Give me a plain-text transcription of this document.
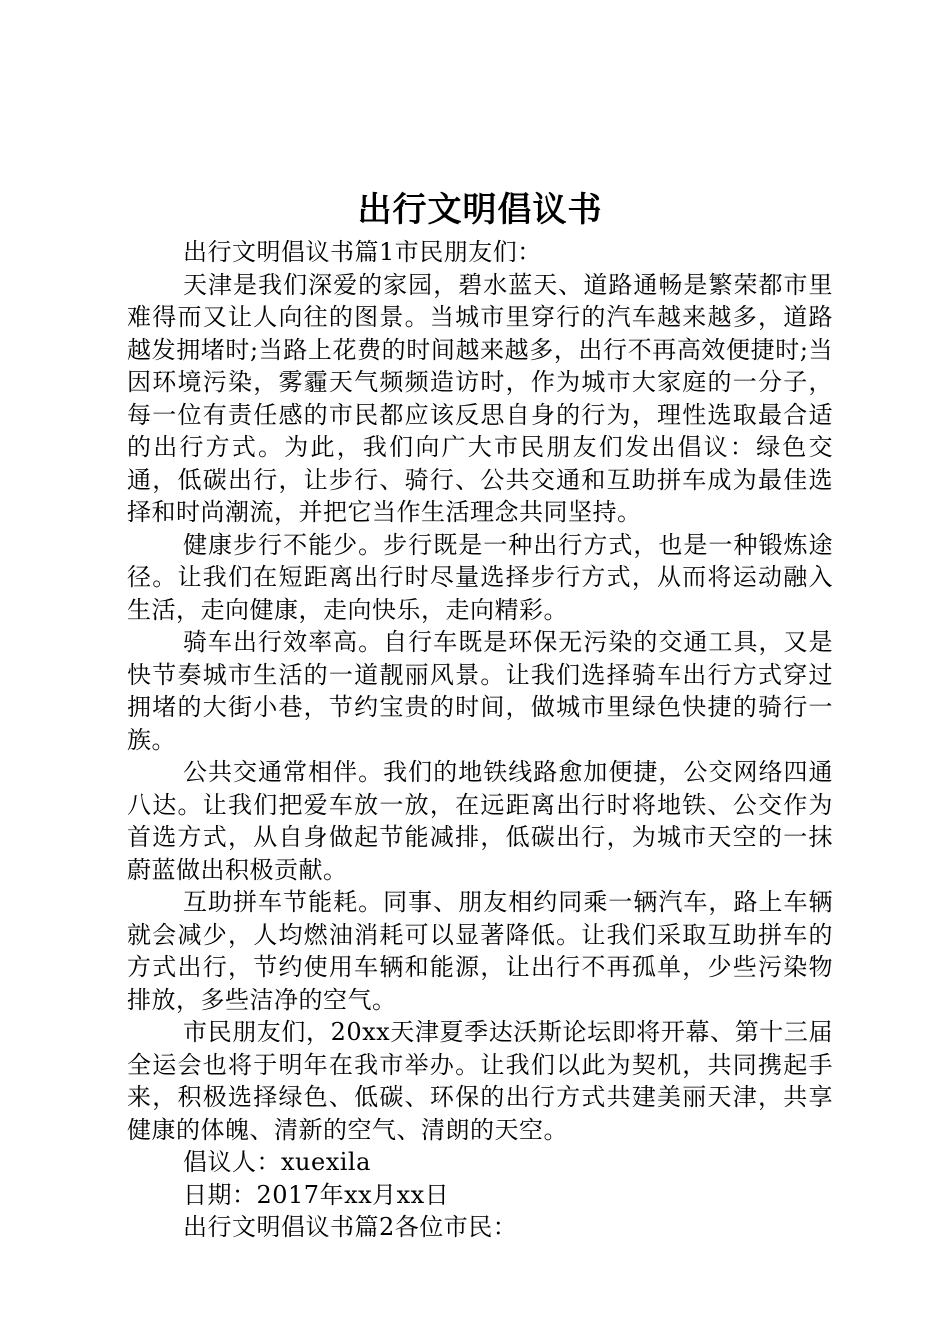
出行文明倡议书

出行文明倡议书篇1市民朋友们：

天津是我们深爱的家园，碧水蓝天、道路通畅是繁荣都市里难得而又让人向往的图景。当城市里穿行的汽车越来越多，道路越发拥堵时;当路上花费的时间越来越多，出行不再高效便捷时;当因环境污染，雾霾天气频频造访时，作为城市大家庭的一分子，每一位有责任感的市民都应该反思自身的行为，理性选取最合适的出行方式。为此，我们向广大市民朋友们发出倡议：绿色交通，低碳出行，让步行、骑行、公共交通和互助拼车成为最佳选择和时尚潮流，并把它当作生活理念共同坚持。

健康步行不能少。步行既是一种出行方式，也是一种锻炼途径。让我们在短距离出行时尽量选择步行方式，从而将运动融入生活，走向健康，走向快乐，走向精彩。

骑车出行效率高。自行车既是环保无污染的交通工具，又是快节奏城市生活的一道靓丽风景。让我们选择骑车出行方式穿过拥堵的大街小巷，节约宝贵的时间，做城市里绿色快捷的骑行一族。

公共交通常相伴。我们的地铁线路愈加便捷，公交网络四通八达。让我们把爱车放一放，在远距离出行时将地铁、公交作为首选方式，从自身做起节能减排，低碳出行，为城市天空的一抹蔚蓝做出积极贡献。

互助拼车节能耗。同事、朋友相约同乘一辆汽车，路上车辆就会减少，人均燃油消耗可以显著降低。让我们采取互助拼车的方式出行，节约使用车辆和能源，让出行不再孤单，少些污染物排放，多些洁净的空气。

市民朋友们，20xx天津夏季达沃斯论坛即将开幕、第十三届全运会也将于明年在我市举办。让我们以此为契机，共同携起手来，积极选择绿色、低碳、环保的出行方式共建美丽天津，共享健康的体魄、清新的空气、清朗的天空。

倡议人：xuexila

日期：2017年xx月xx日

出行文明倡议书篇2各位市民：
